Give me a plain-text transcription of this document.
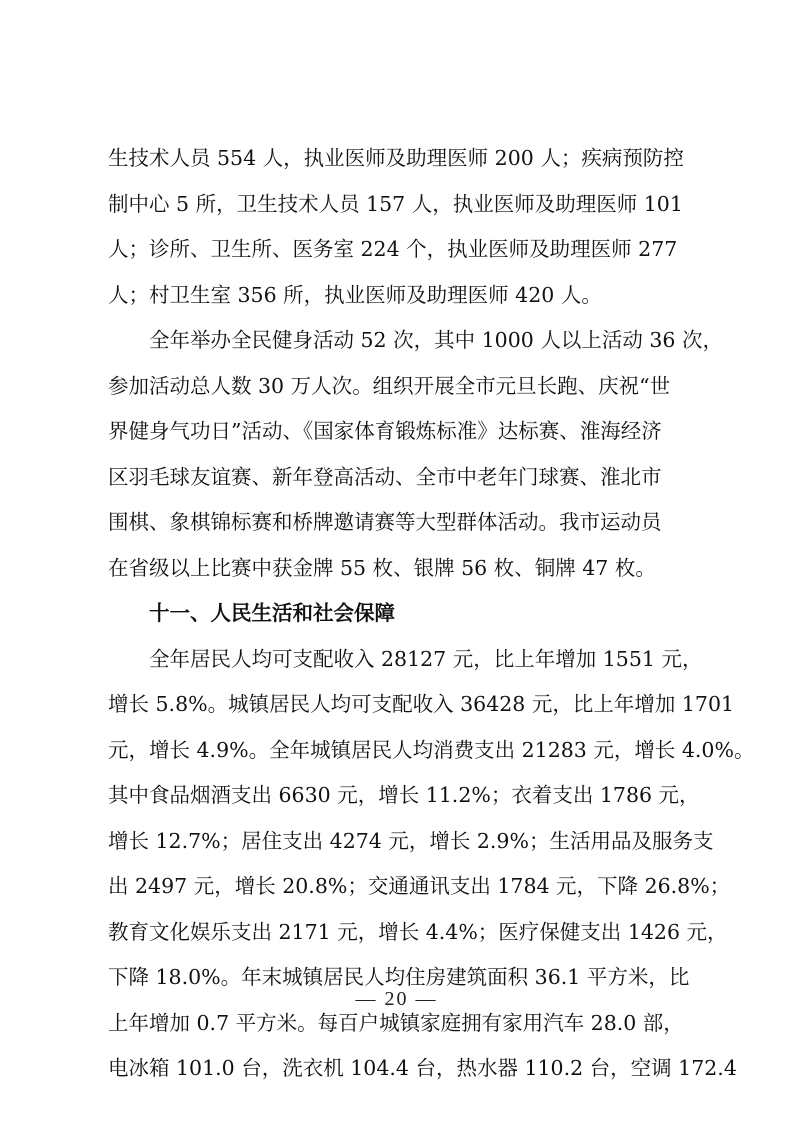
生技术人员 554 人，执业医师及助理医师 200 人；疾病预防控
制中心 5 所，卫生技术人员 157 人，执业医师及助理医师 101
人；诊所、卫生所、医务室 224 个，执业医师及助理医师 277
人；村卫生室 356 所，执业医师及助理医师 420 人。
　　全年举办全民健身活动 52 次，其中 1000 人以上活动 36 次，
参加活动总人数 30 万人次。组织开展全市元旦长跑、庆祝“世
界健身气功日”活动、《国家体育锻炼标准》达标赛、淮海经济
区羽毛球友谊赛、新年登高活动、全市中老年门球赛、淮北市
围棋、象棋锦标赛和桥牌邀请赛等大型群体活动。我市运动员
在省级以上比赛中获金牌 55 枚、银牌 56 枚、铜牌 47 枚。
　　十一、人民生活和社会保障
　　全年居民人均可支配收入 28127 元，比上年增加 1551 元，
增长 5.8%。城镇居民人均可支配收入 36428 元，比上年增加 1701
元，增长 4.9%。全年城镇居民人均消费支出 21283 元，增长 4.0%。
其中食品烟酒支出 6630 元，增长 11.2%；衣着支出 1786 元，
增长 12.7%；居住支出 4274 元，增长 2.9%；生活用品及服务支
出 2497 元，增长 20.8%；交通通讯支出 1784 元，下降 26.8%；
教育文化娱乐支出 2171 元，增长 4.4%；医疗保健支出 1426 元，
下降 18.0%。年末城镇居民人均住房建筑面积 36.1 平方米，比
上年增加 0.7 平方米。每百户城镇家庭拥有家用汽车 28.0 部，
电冰箱 101.0 台，洗衣机 104.4 台，热水器 110.2 台，空调 172.4
— 20 —
